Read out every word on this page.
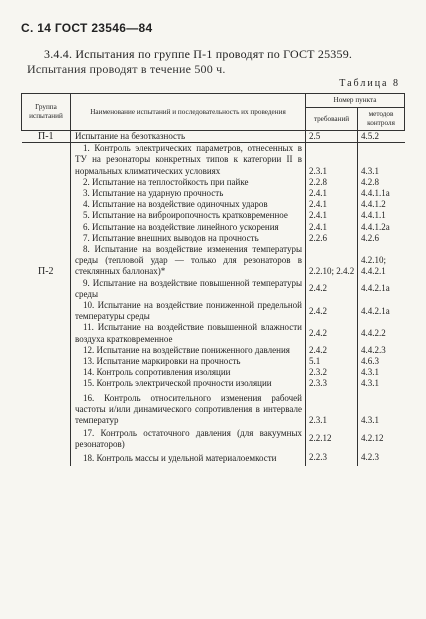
С. 14 ГОСТ 23546—84

3.4.4. Испытания по группе П-1 проводят по ГОСТ 25359.

Испытания проводят в течение 500 ч.

Таблица 8
Группа испытаний	Наименование испытаний и последовательность их проведения	Номер пункта	
		требований	методов контроля
П-1	Испытание на безотказность	2.5	4.5.2

	1. Контроль электрических параметров, отнесенных в ТУ на резонаторы конкретных типов к категории II в нормальных климатических условиях	2.3.1	4.3.1

	2. Испытание на теплостойкость при пайке	2.2.8	4.2.8

	3. Испытание на ударную прочность	2.4.1	4.4.1.1а

	4. Испытание на воздействие одиночных ударов	2.4.1	4.4.1.2

	5. Испытание на виброиропочность кратковременное	2.4.1	4.4.1.1

	6. Испытание на воздействие линейного ускорения	2.4.1	4.4.1.2а

	7. Испытание внешних выводов на прочность	2.2.6	4.2.6
П-2	8. Испытание на воздействие изменения температуры среды (тепловой удар — только для резонаторов в стеклянных баллонах)*	2.2.10; 2.4.2	4.2.10; 4.4.2.1

	9. Испытание на воздействие повышенной температуры среды	2.4.2	4.4.2.1а

	10. Испытание на воздействие пониженной предельной температуры среды	2.4.2	4.4.2.1а

	11. Испытание на воздействие повышенной влажности воздуха кратковременное	2.4.2	4.4.2.2

	12. Испытание на воздействие пониженного давления	2.4.2	4.4.2.3

	13. Испытание маркировки на прочность	5.1	4.6.3

	14. Контроль сопротивления изоляции	2.3.2	4.3.1

	15. Контроль электрической прочности изоляции	2.3.3	4.3.1

	16. Контроль относительного изменения рабочей частоты и/или динамического сопротивления в интервале температур	2.3.1	4.3.1

	17. Контроль остаточного давления (для вакуумных резонаторов)	2.2.12	4.2.12

	18. Контроль массы и удельной материалоемкости	2.2.3	4.2.3
